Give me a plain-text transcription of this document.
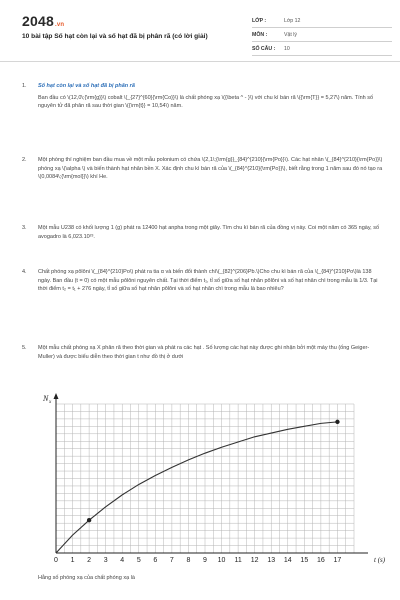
2048.vn
10 bài tập Số hạt còn lại và số hạt đã bị phân rã (có lời giải)
LỚP :	Lớp 12
MÔN :	Vật lý
SỐ CÂU :	10
1.	Số hạt còn lại và số hạt đã bị phân rã
Ban đầu có \(12,0\;{\rm{g}}\) cobalt \(_{27}^{60}{\rm{Co}}\) là chất phóng xạ \({\beta ^ - }\) với chu kì bán rã \({\rm{T}} = 5,27\) năm. Tính số nguyên tử đã phân rã sau thời gian \({\rm{t}} = 10,54\) năm.
2.	Một phòng thí nghiệm ban đầu mua về một mẫu polonium có chứa \(2,1\;{\rm{g}}_{84}^{210}{\rm{Po}}\). Các hạt nhân \(_{84}^{210}{\rm{Po}}\) phóng xạ \(\alpha \) và biến thành hạt nhân bền X. Xác định chu kì bán rã của \(_{84}^{210}{\rm{Po}}\), biết rằng trong 1 năm sau đó nó tạo ra \(0,0084\;{\rm{mol}}\) khí He.
3.	Một mẫu U238 có khối lượng 1 (g) phát ra 12400 hạt anpha trong một giây. Tìm chu kì bán rã của đồng vị này. Coi một năm có 365 ngày, số avogadro là 6,023.10²³.
4.	Chất phóng xạ pôlôni \(_{84}^{210}Po\) phát ra tia α và biến đổi thành chì\(_{82}^{206}Pb.\)Cho chu kì bán rã của \(_{84}^{210}Po\)là 138 ngày. Ban đầu (t = 0) có một mẫu pôlôni nguyên chất. Tại thời điểm t₁, tỉ số giữa số hạt nhân pôlôni và số hạt nhân chì trong mẫu là 1/3. Tại thời điểm t₂ = t₁ + 276 ngày, tỉ số giữa số hạt nhân pôlôni và số hạt nhân chì trong mẫu là bao nhiêu?
5.	Một mẫu chất phóng xạ X phân rã theo thời gian và phát ra các hạt . Số lượng các hạt này được ghi nhận bởi một máy thu (ống Geiger-Muller) và được biểu diễn theo thời gian t như đồ thị ở dưới
0 1 2 3 4 5 6 7 8 9 10 11 12 13 14 15 16 17	t (s)
N x
Hằng số phóng xạ của chất phóng xạ là
